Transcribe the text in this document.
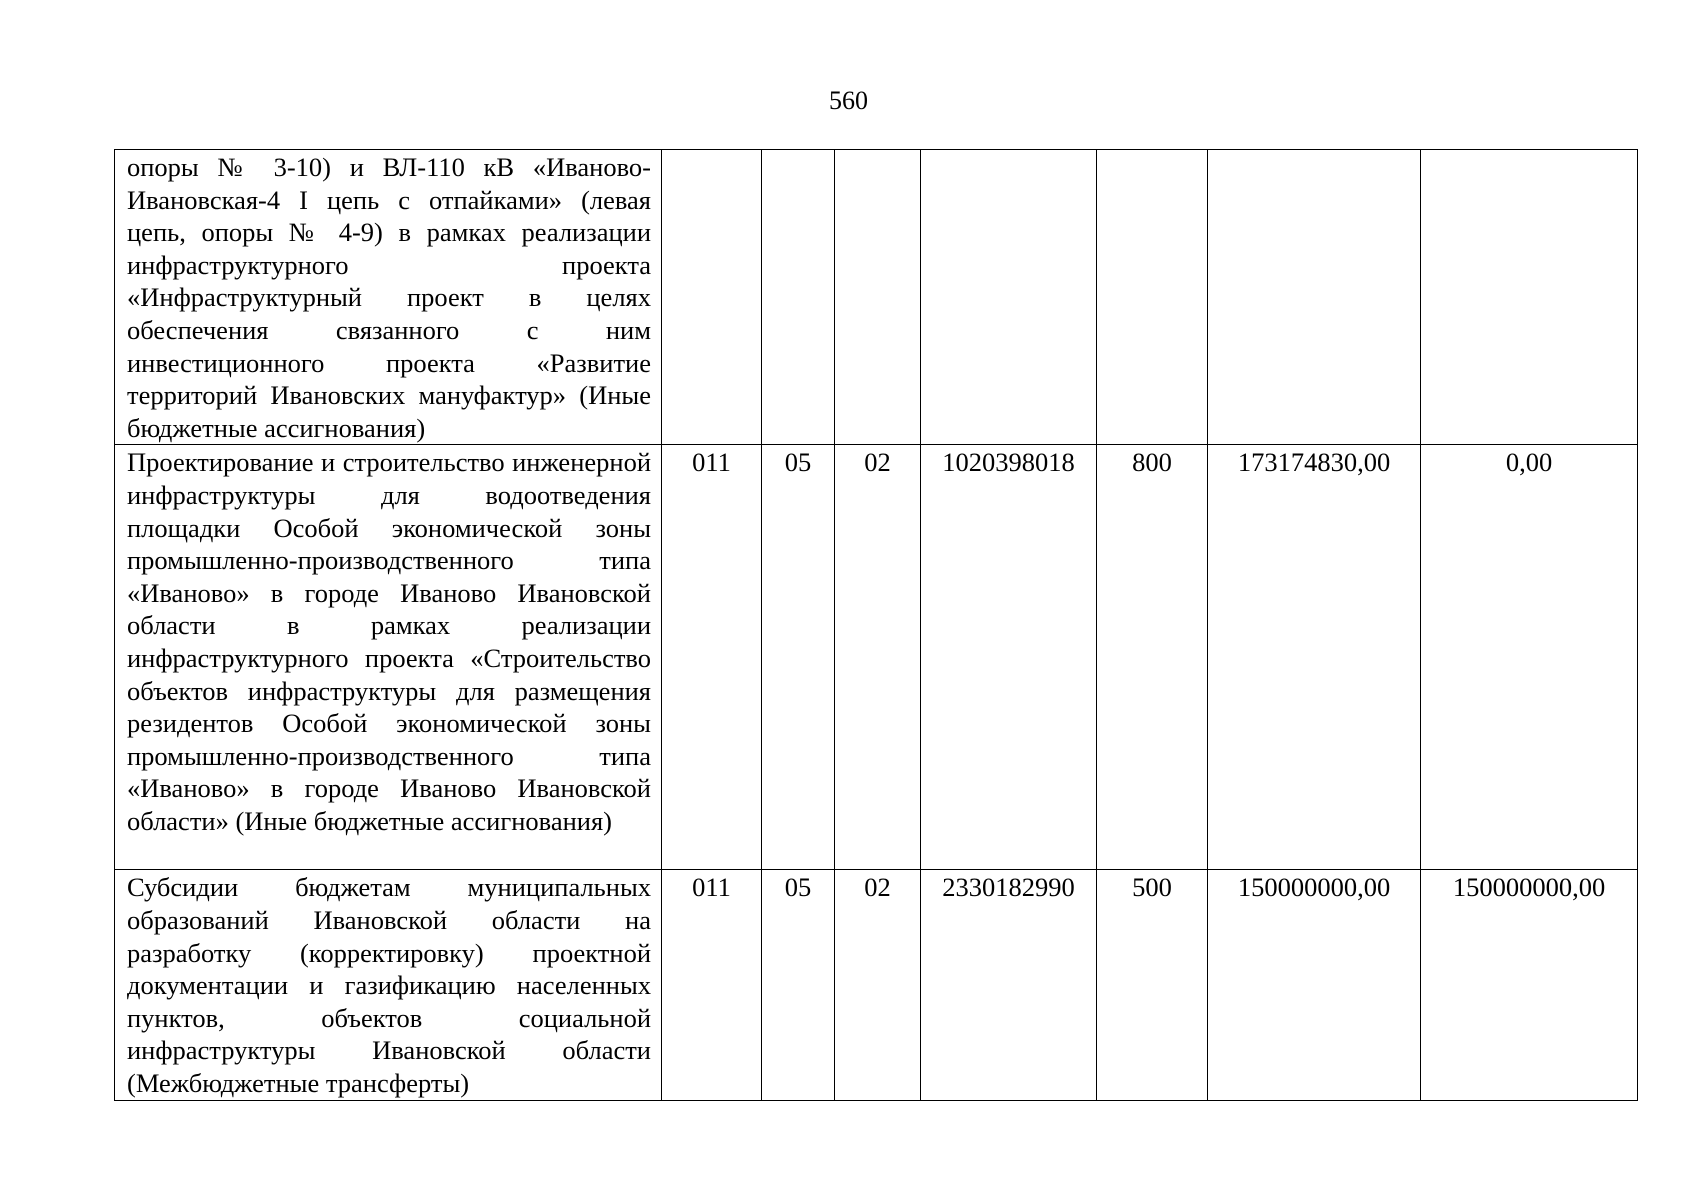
560
опоры № 3-10) и ВЛ-110 кВ «Иваново-Ивановская-4 I цепь с отпайками» (левая цепь, опоры № 4-9) в рамках реализации инфраструктурного проекта «Инфраструктурный проект в целях обеспечения связанного с ним инвестиционного проекта «Развитие территорий Ивановских мануфактур» (Иные бюджетные ассигнования)							
Проектирование и строительство инженерной инфраструктуры для водоотведения площадки Особой экономической зоны промышленно-производственного типа «Иваново» в городе Иваново Ивановской области в рамках реализации инфраструктурного проекта «Строительство объектов инфраструктуры для размещения резидентов Особой экономической зоны промышленно-производственного типа «Иваново» в городе Иваново Ивановской области» (Иные бюджетные ассигнования)	011	05	02	1020398018	800	173174830,00	0,00
Субсидии бюджетам муниципальных образований Ивановской области на разработку (корректировку) проектной документации и газификацию населенных пунктов, объектов социальной инфраструктуры Ивановской области (Межбюджетные трансферты)	011	05	02	2330182990	500	150000000,00	150000000,00
